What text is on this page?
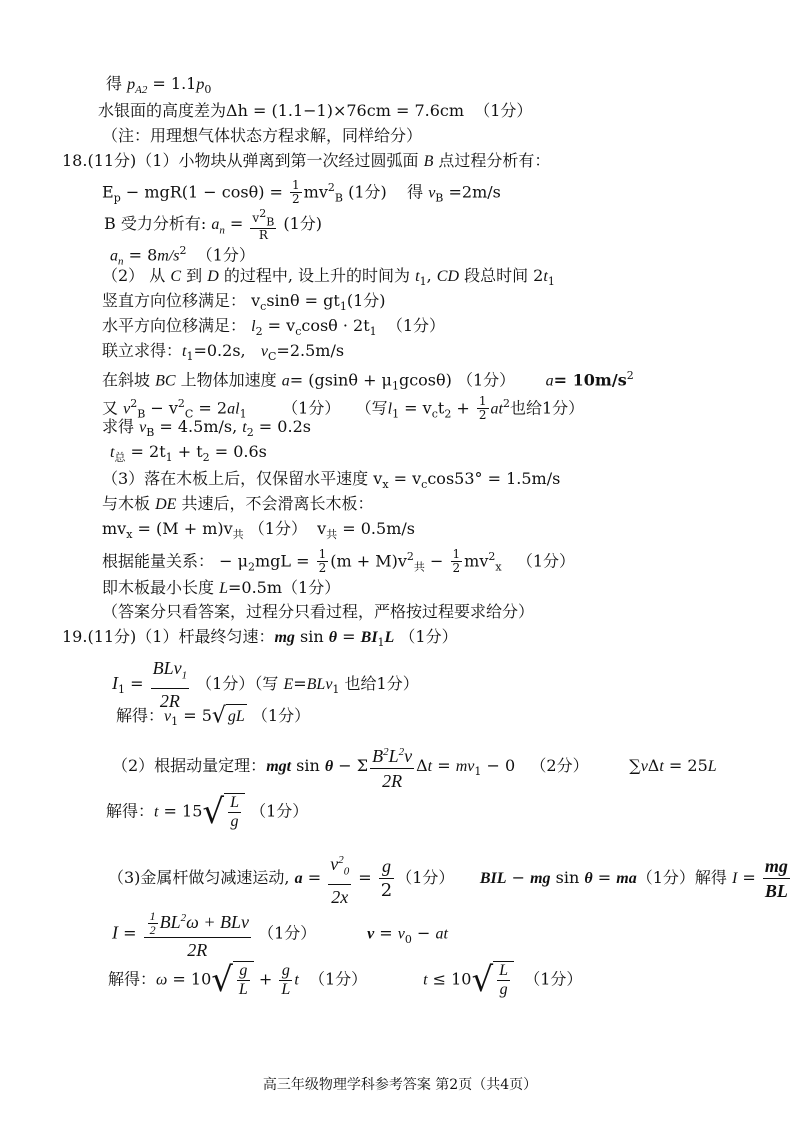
得 $p_{A2} = 1.1p_0$
水银面的高度差为Δh = (1.1−1)×76cm = 7.6cm （1分）
（注：用理想气体状态方程求解，同样给分）
18.(11分)（1）小物块从弹离到第一次经过圆弧面 B 点过程分析有：
$E_p - mgR(1 - \cos\theta) = \frac{1}{2} mv^2_B$ (1分) 得 $v_B =2m/s$
B 受力分析有: $a_n = \frac{v^2_B}{R} (1$分)
$a_n = 8m/s^2$ （1分）
（2） 从 C 到 D 的过程中, 设上升的时间为 $t_1$, CD 段总时间 $2t_1$
竖直方向位移满足： $v_c\sin\theta = gt_1(1$分)
水平方向位移满足： $l_2 = v_c\cos\theta \cdot 2t_1$ （1分）
联立求得：$t_1=0.2s$, $v_C=2.5m/s$
在斜坡 BC 上物体加速度 $a= (gsin\theta + \mu_1gcos\theta)$ （1分） $a= 10m/s^2$
又 $v^2_B - v^2_C = 2al_1$ （1分） （写$l_1 = v_ct_2 + \frac{1}{2} at^2$也给1分）
求得 $v_B = 4.5m/s$, $t_2 = 0.2s$
$t_总 = 2t_1 + t_2 = 0.6s$
（3）落在木板上后，仅保留水平速度 $v_x = v_c\cos 53^\circ = 1.5m/s$
与木板 DE 共速后，不会滑离长木板：
$mv_x = (M + m)v_共$ （1分） $v_共 = 0.5m/s$
根据能量关系： − $\mu_2mgL = \frac{1}{2} (m + M)v^2_共 - \frac{1}{2} mv^2_x$ （1分）
即木板最小长度 L=0.5m（1分）
（答案分只看答案，过程分只看过程，严格按过程要求给分）
19.(11分)（1）杆最终匀速：mg $\sin \theta = BI_1L$ （1分）
$I_1 = \frac{BLv_1}{2R} (1$分）（写 E=BLv$_1$ 也给1分）
解得：$v_1 = 5√$ gL （1分）
（2）根据动量定理：mgt sin θ − Σ $\frac{B^2L^2v}{2R}$ $\Delta t = mv_1 - 0$ （2分）	∑vΔt = 25L
解得：$t = 15√ \frac{L}{g} (1$分）
（3)金属杆做匀减速运动, $a = \frac{v^2_0}{2x} = \frac{g}{2} (1$分） BIL − mg sin θ = ma（1分）解得 $I = \frac{mg}{BL}$
$I = \frac{\frac{1}{2} BL^2\omega + BLv}{2R} (1$分）	$v = v_0$ − at
解得：$\omega = 10√ \frac{g}{L} + \frac{g}{L}$ t （1分）	$t \le 10√ \frac{L}{g} (1$分）
高三年级物理学科参考答案 第2页（共4页）
